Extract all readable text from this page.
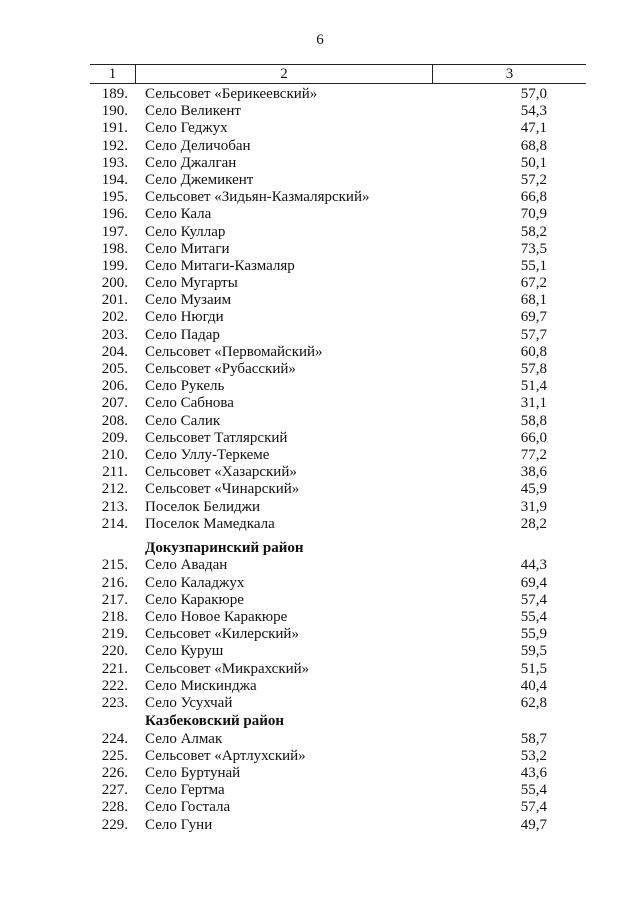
6
1	2	3
189.	Сельсовет «Берикеевский»	57,0
190.	Село Великент	54,3
191.	Село Геджух	47,1
192.	Село Деличобан	68,8
193.	Село Джалган	50,1
194.	Село Джемикент	57,2
195.	Сельсовет «Зидьян-Казмалярский»	66,8
196.	Село Кала	70,9
197.	Село Куллар	58,2
198.	Село Митаги	73,5
199.	Село Митаги-Казмаляр	55,1
200.	Село Мугарты	67,2
201.	Село Музаим	68,1
202.	Село Нюгди	69,7
203.	Село Падар	57,7
204.	Сельсовет «Первомайский»	60,8
205.	Сельсовет «Рубасский»	57,8
206.	Село Рукель	51,4
207.	Село Сабнова	31,1
208.	Село Салик	58,8
209.	Сельсовет Татлярский	66,0
210.	Село Уллу-Теркеме	77,2
211.	Сельсовет «Хазарский»	38,6
212.	Сельсовет «Чинарский»	45,9
213.	Поселок Белиджи	31,9
214.	Поселок Мамедкала	28,2
Докузпаринский район
215.	Село Авадан	44,3
216.	Село Каладжух	69,4
217.	Село Каракюре	57,4
218.	Село Новое Каракюре	55,4
219.	Сельсовет «Килерский»	55,9
220.	Село Куруш	59,5
221.	Сельсовет «Микрахский»	51,5
222.	Село Мискинджа	40,4
223.	Село Усухчай	62,8
Казбековский район
224.	Село Алмак	58,7
225.	Сельсовет «Артлухский»	53,2
226.	Село Буртунай	43,6
227.	Село Гертма	55,4
228.	Село Гостала	57,4
229.	Село Гуни	49,7
